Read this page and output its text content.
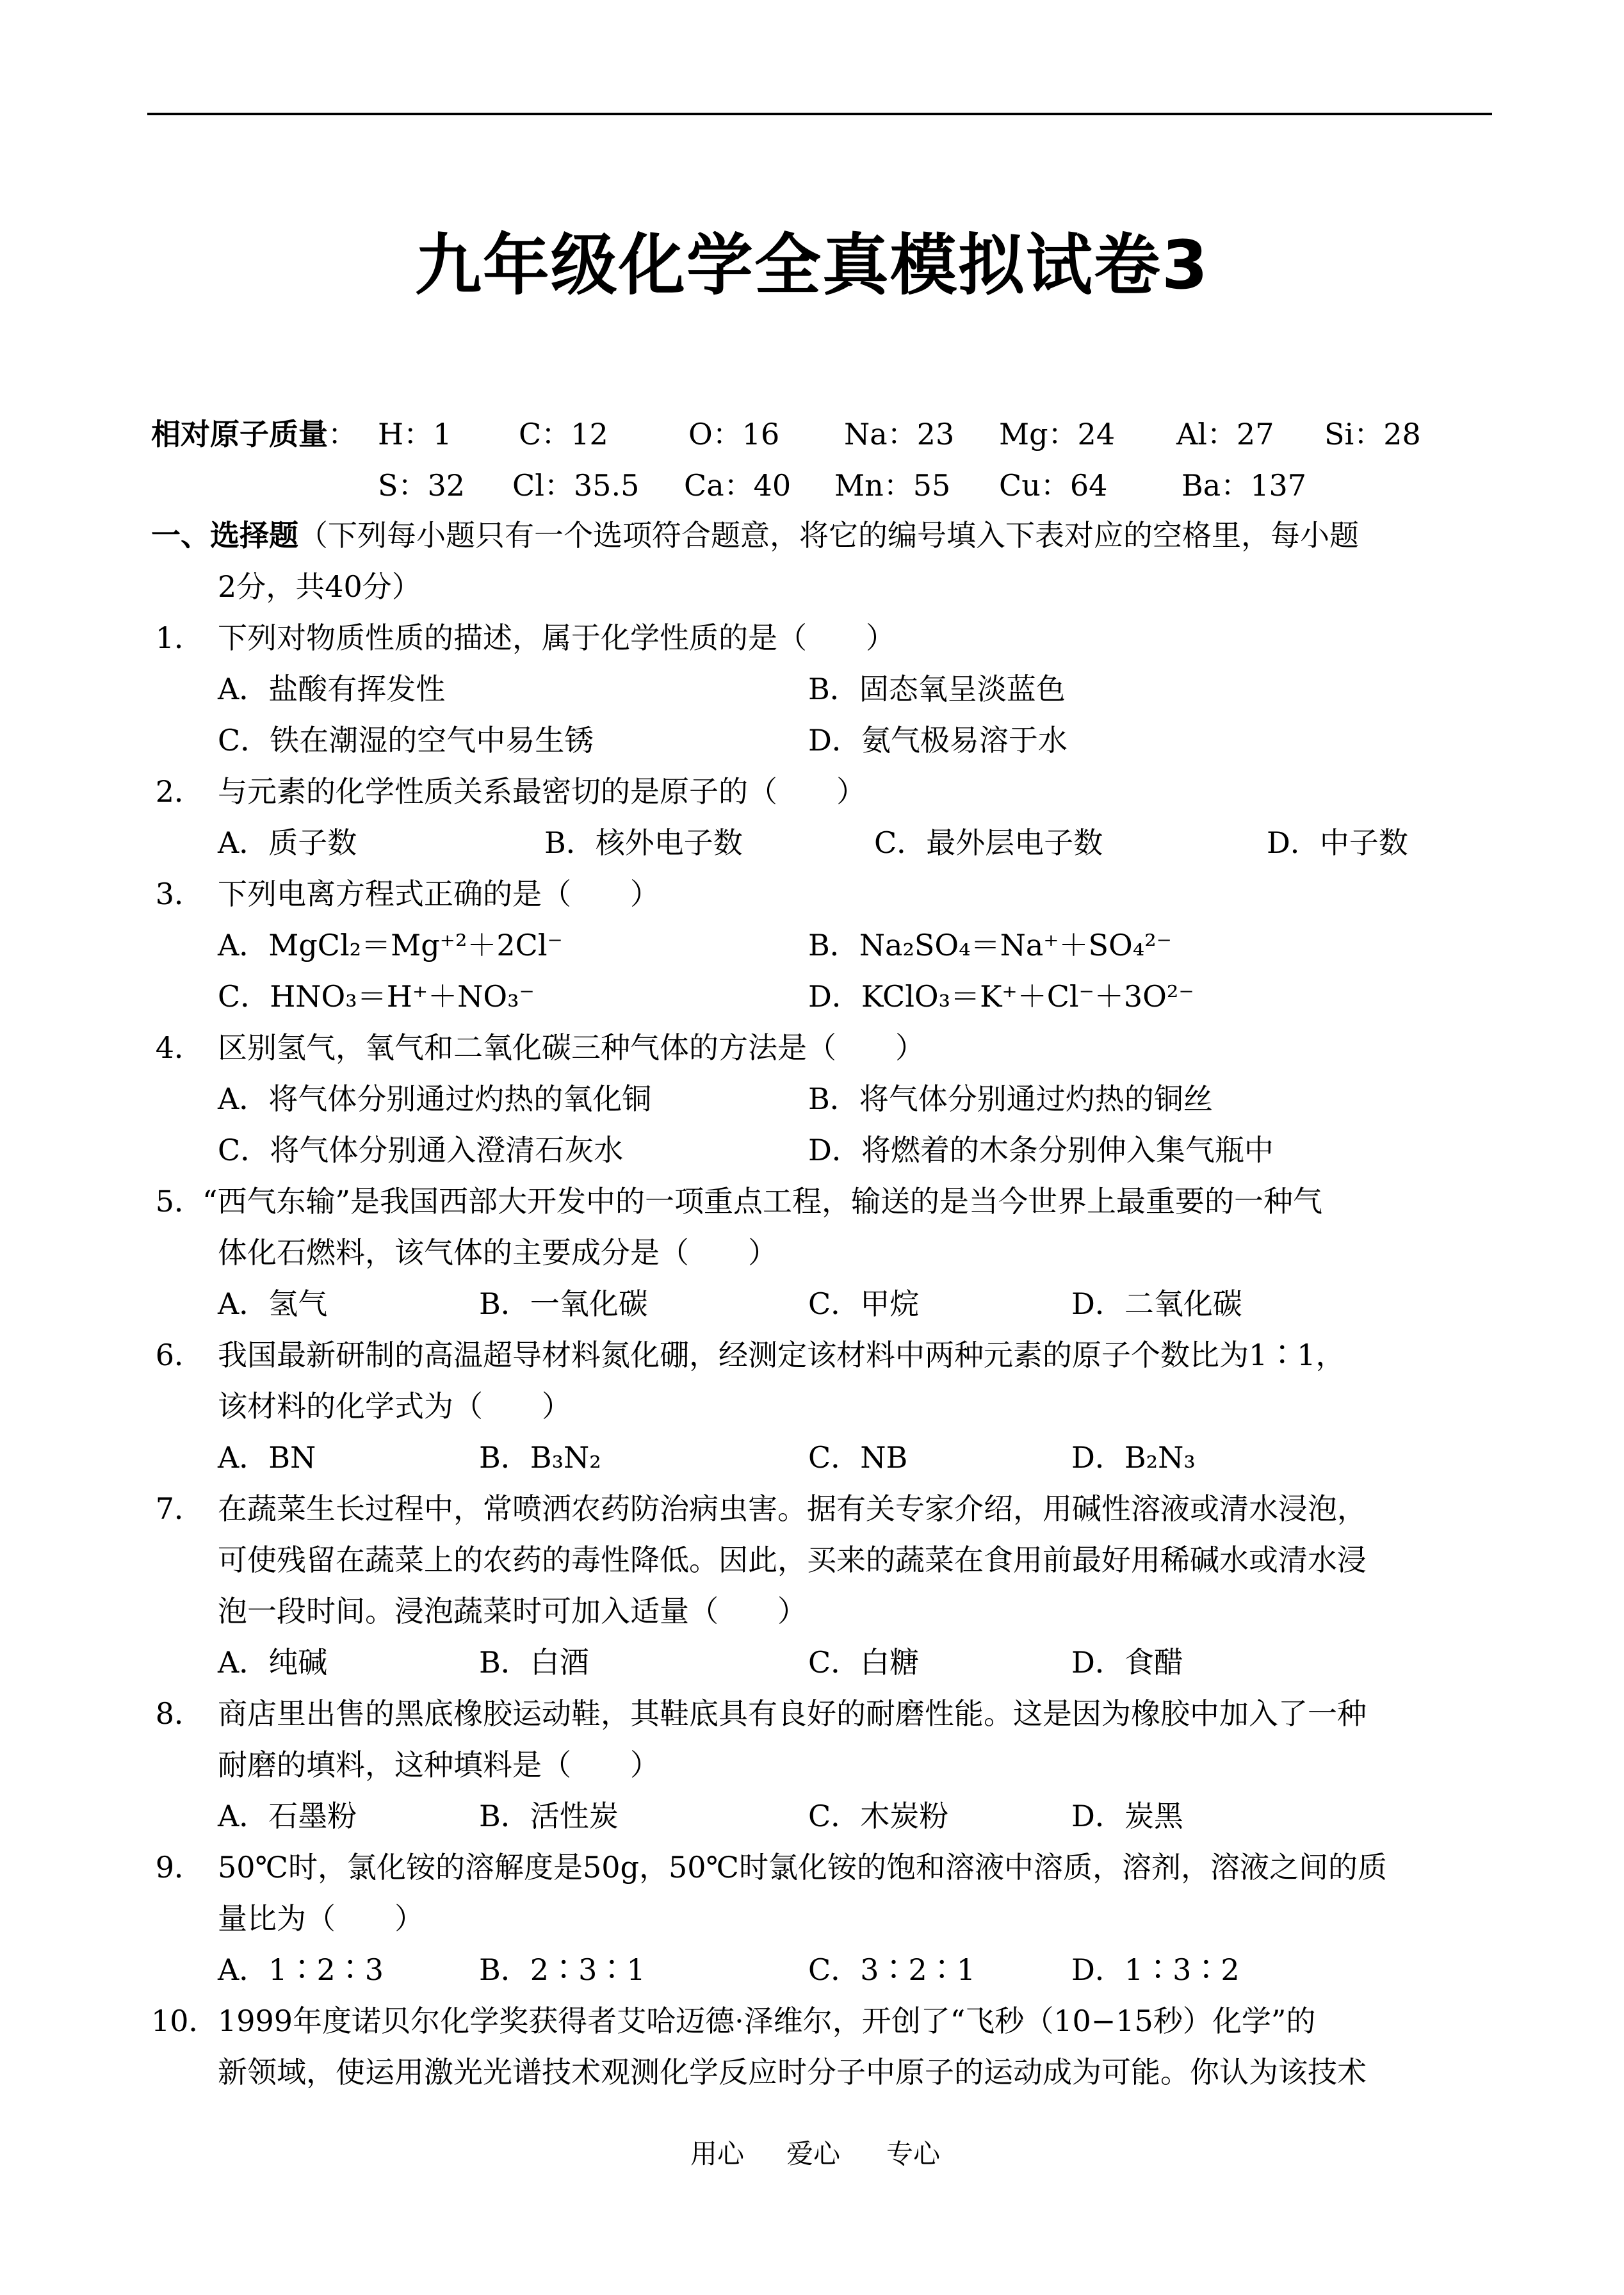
九年级化学全真模拟试卷3
相对原子质量： H：1 C：12	O：16 Na：23 Mg：24 Al：27 Si：28
S：32 Cl：35.5 Ca：40 Mn：55 Cu：64	Ba：137
一、选择题（下列每小题只有一个选项符合题意，将它的编号填入下表对应的空格里，每小题
2分，共40分）
1． 下列对物质性质的描述，属于化学性质的是（　　）
A．盐酸有挥发性	B．固态氧呈淡蓝色
C．铁在潮湿的空气中易生锈	D．氨气极易溶于水
2． 与元素的化学性质关系最密切的是原子的（　　）
A．质子数	B．核外电子数	C．最外层电子数	D．中子数
3． 下列电离方程式正确的是（　　）
A．MgCl₂＝Mg⁺²＋2Cl⁻	B．Na₂SO₄＝Na⁺＋SO₄²⁻
C．HNO₃＝H⁺＋NO₃⁻	D．KClO₃＝K⁺＋Cl⁻＋3O²⁻
4． 区别氢气，氧气和二氧化碳三种气体的方法是（　　）
A．将气体分别通过灼热的氧化铜	B．将气体分别通过灼热的铜丝
C．将气体分别通入澄清石灰水	D．将燃着的木条分别伸入集气瓶中
5．
“西气东输”是我国西部大开发中的一项重点工程，输送的是当今世界上最重要的一种气
体化石燃料，该气体的主要成分是（　　）
A．氢气	B．一氧化碳	C．甲烷	D．二氧化碳
6． 我国最新研制的高温超导材料氮化硼，经测定该材料中两种元素的原子个数比为1∶1，
该材料的化学式为（　　）
A．BN	B．B₃N₂	C．NB	D．B₂N₃
7． 在蔬菜生长过程中，常喷洒农药防治病虫害。据有关专家介绍，用碱性溶液或清水浸泡，
可使残留在蔬菜上的农药的毒性降低。因此，买来的蔬菜在食用前最好用稀碱水或清水浸
泡一段时间。浸泡蔬菜时可加入适量（　　）
A．纯碱	B．白酒	C．白糖	D．食醋
8． 商店里出售的黑底橡胶运动鞋，其鞋底具有良好的耐磨性能。这是因为橡胶中加入了一种
耐磨的填料，这种填料是（　　）
A．石墨粉	B．活性炭	C．木炭粉	D．炭黑
9． 50℃时，氯化铵的溶解度是50g，50℃时氯化铵的饱和溶液中溶质，溶剂，溶液之间的质
量比为（　　）
A．1∶2∶3	B．2∶3∶1	C．3∶2∶1	D．1∶3∶2
10． 1999年度诺贝尔化学奖获得者艾哈迈德·泽维尔，开创了“飞秒（10−15秒）化学”的
新领域，使运用激光光谱技术观测化学反应时分子中原子的运动成为可能。你认为该技术
用心 爱心 专心
